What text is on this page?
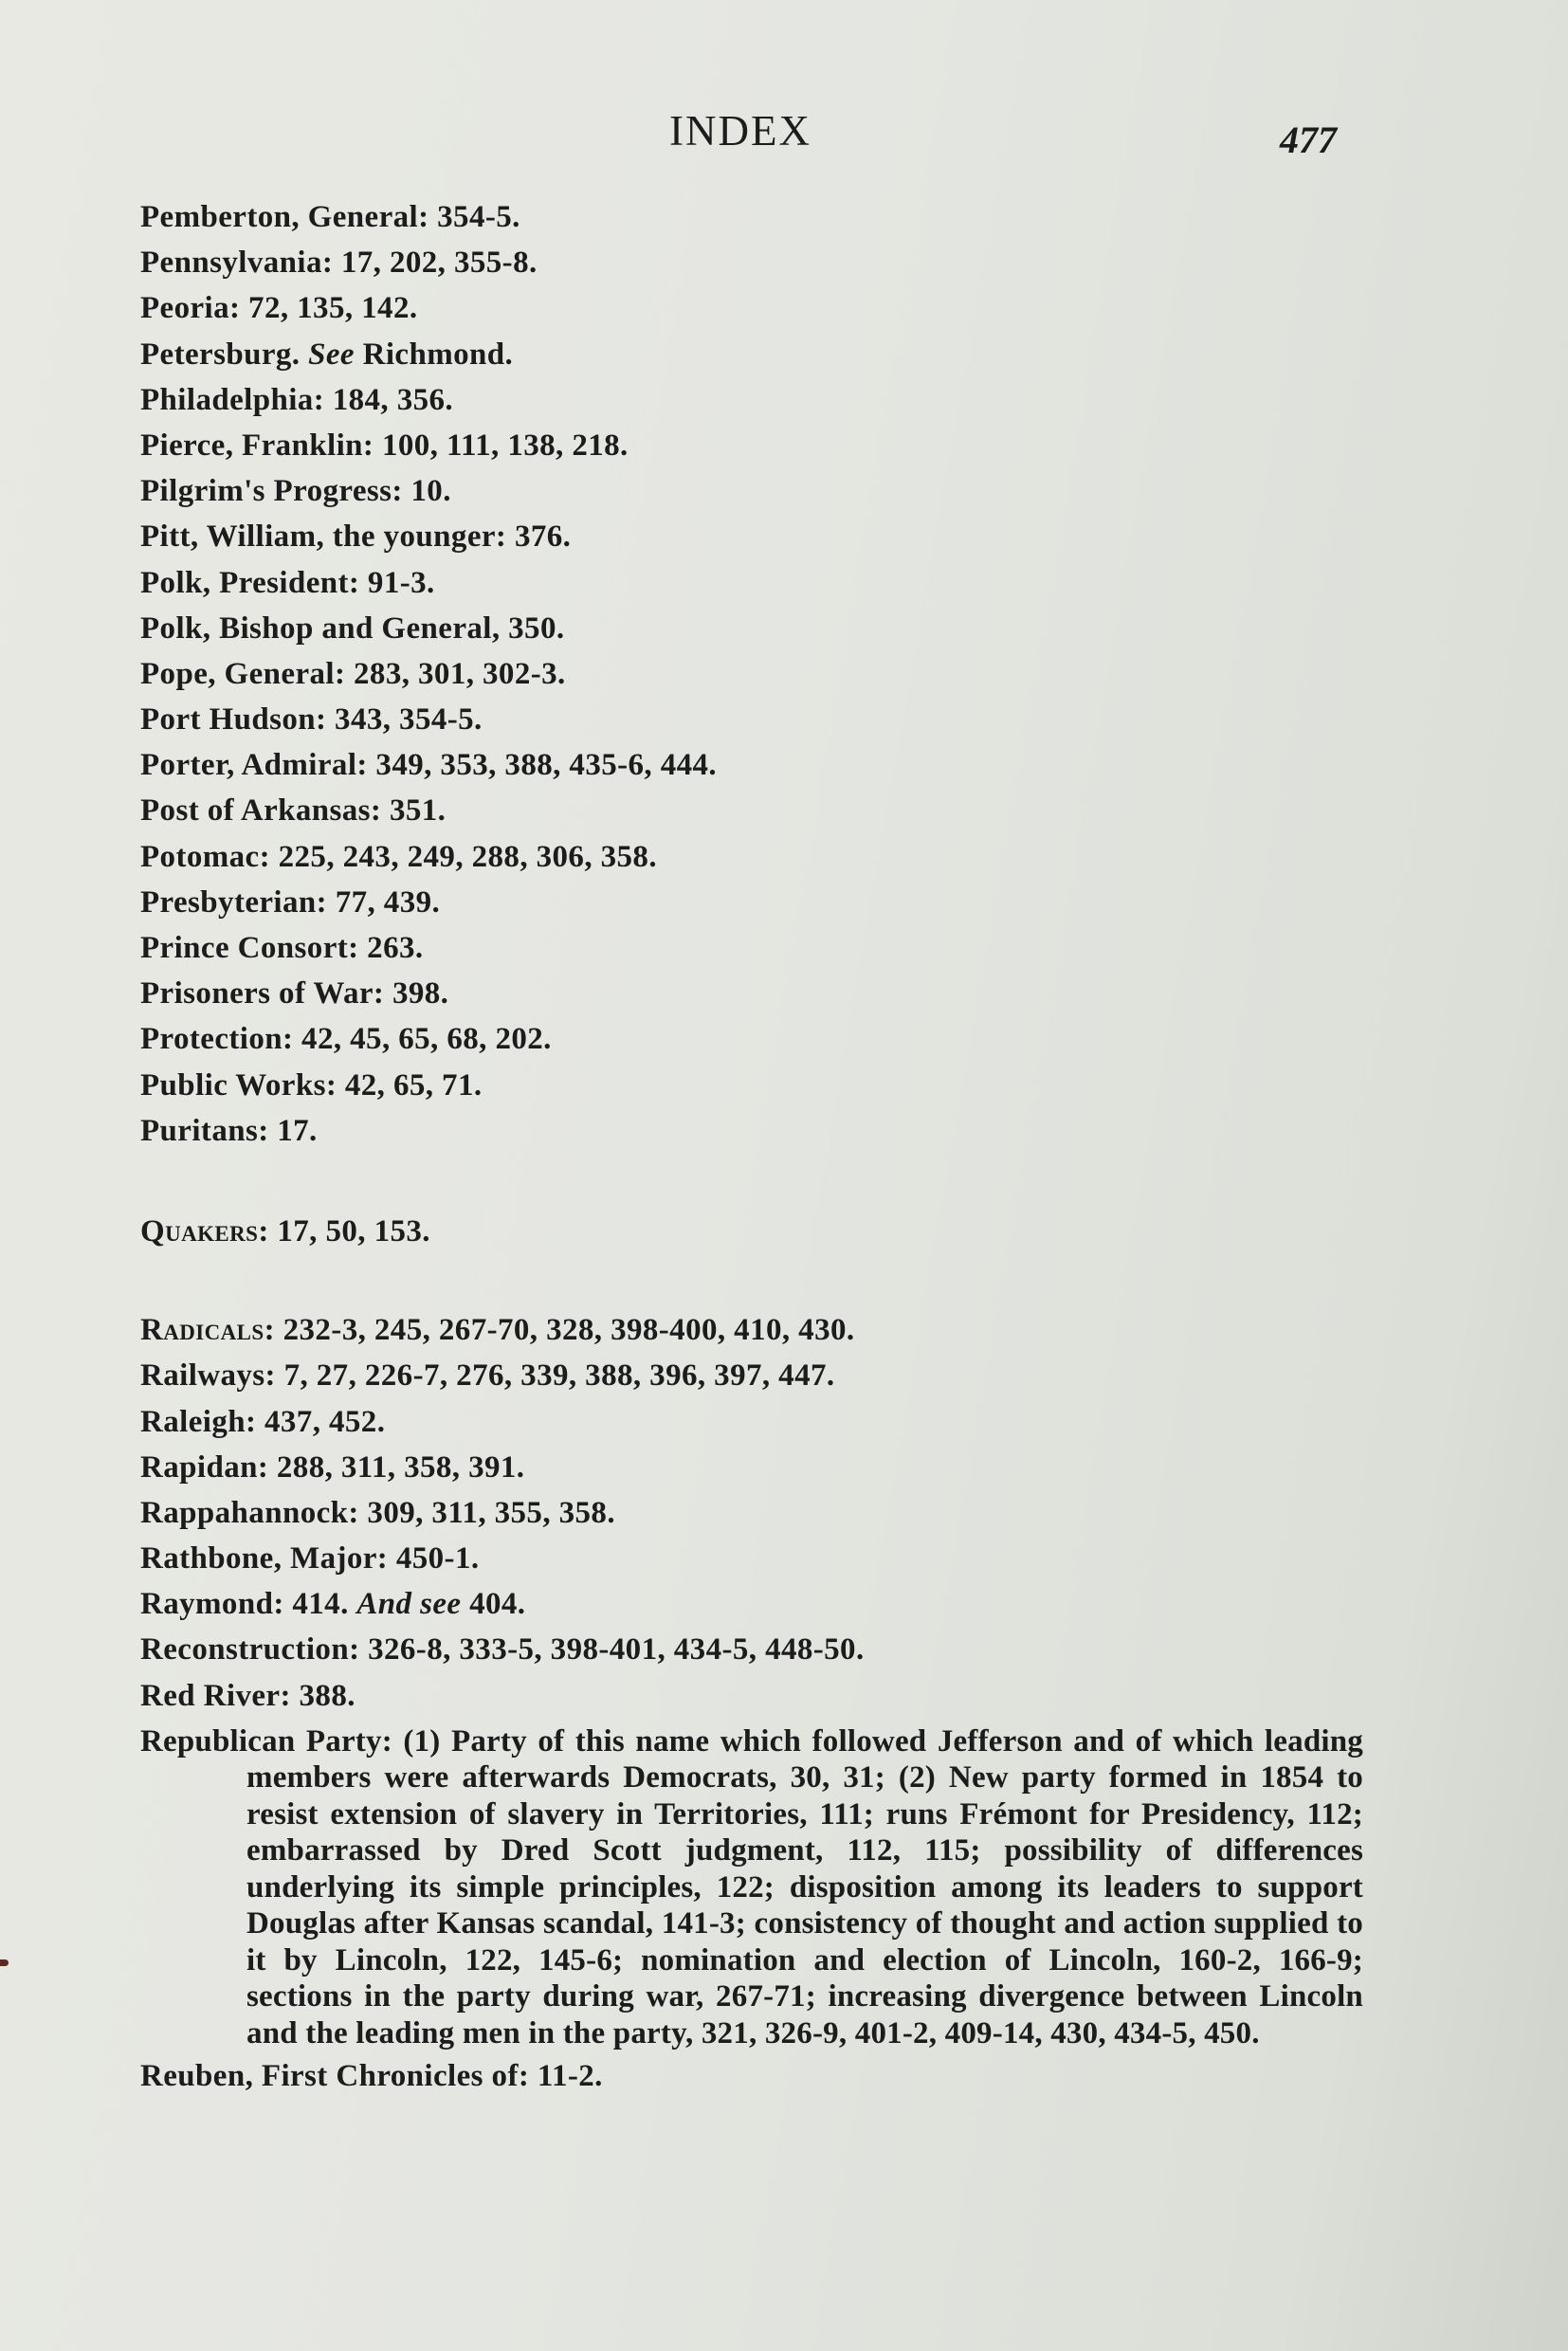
INDEX	477
Pemberton, General: 354-5.
Pennsylvania: 17, 202, 355-8.
Peoria: 72, 135, 142.
Petersburg. See Richmond.
Philadelphia: 184, 356.
Pierce, Franklin: 100, 111, 138, 218.
Pilgrim's Progress: 10.
Pitt, William, the younger: 376.
Polk, President: 91-3.
Polk, Bishop and General, 350.
Pope, General: 283, 301, 302-3.
Port Hudson: 343, 354-5.
Porter, Admiral: 349, 353, 388, 435-6, 444.
Post of Arkansas: 351.
Potomac: 225, 243, 249, 288, 306, 358.
Presbyterian: 77, 439.
Prince Consort: 263.
Prisoners of War: 398.
Protection: 42, 45, 65, 68, 202.
Public Works: 42, 65, 71.
Puritans: 17.
Quakers: 17, 50, 153.
Radicals: 232-3, 245, 267-70, 328, 398-400, 410, 430.
Railways: 7, 27, 226-7, 276, 339, 388, 396, 397, 447.
Raleigh: 437, 452.
Rapidan: 288, 311, 358, 391.
Rappahannock: 309, 311, 355, 358.
Rathbone, Major: 450-1.
Raymond: 414. And see 404.
Reconstruction: 326-8, 333-5, 398-401, 434-5, 448-50.
Red River: 388.
Republican Party: (1) Party of this name which followed Jefferson and of which leading members were afterwards Democrats, 30, 31; (2) New party formed in 1854 to resist extension of slavery in Territories, 111; runs Frémont for Presidency, 112; embarrassed by Dred Scott judgment, 112, 115; possibility of differences underlying its simple principles, 122; disposition among its leaders to support Douglas after Kansas scandal, 141-3; consistency of thought and action supplied to it by Lincoln, 122, 145-6; nomination and election of Lincoln, 160-2, 166-9; sections in the party during war, 267-71; increasing divergence between Lincoln and the leading men in the party, 321, 326-9, 401-2, 409-14, 430, 434-5, 450.
Reuben, First Chronicles of: 11-2.
